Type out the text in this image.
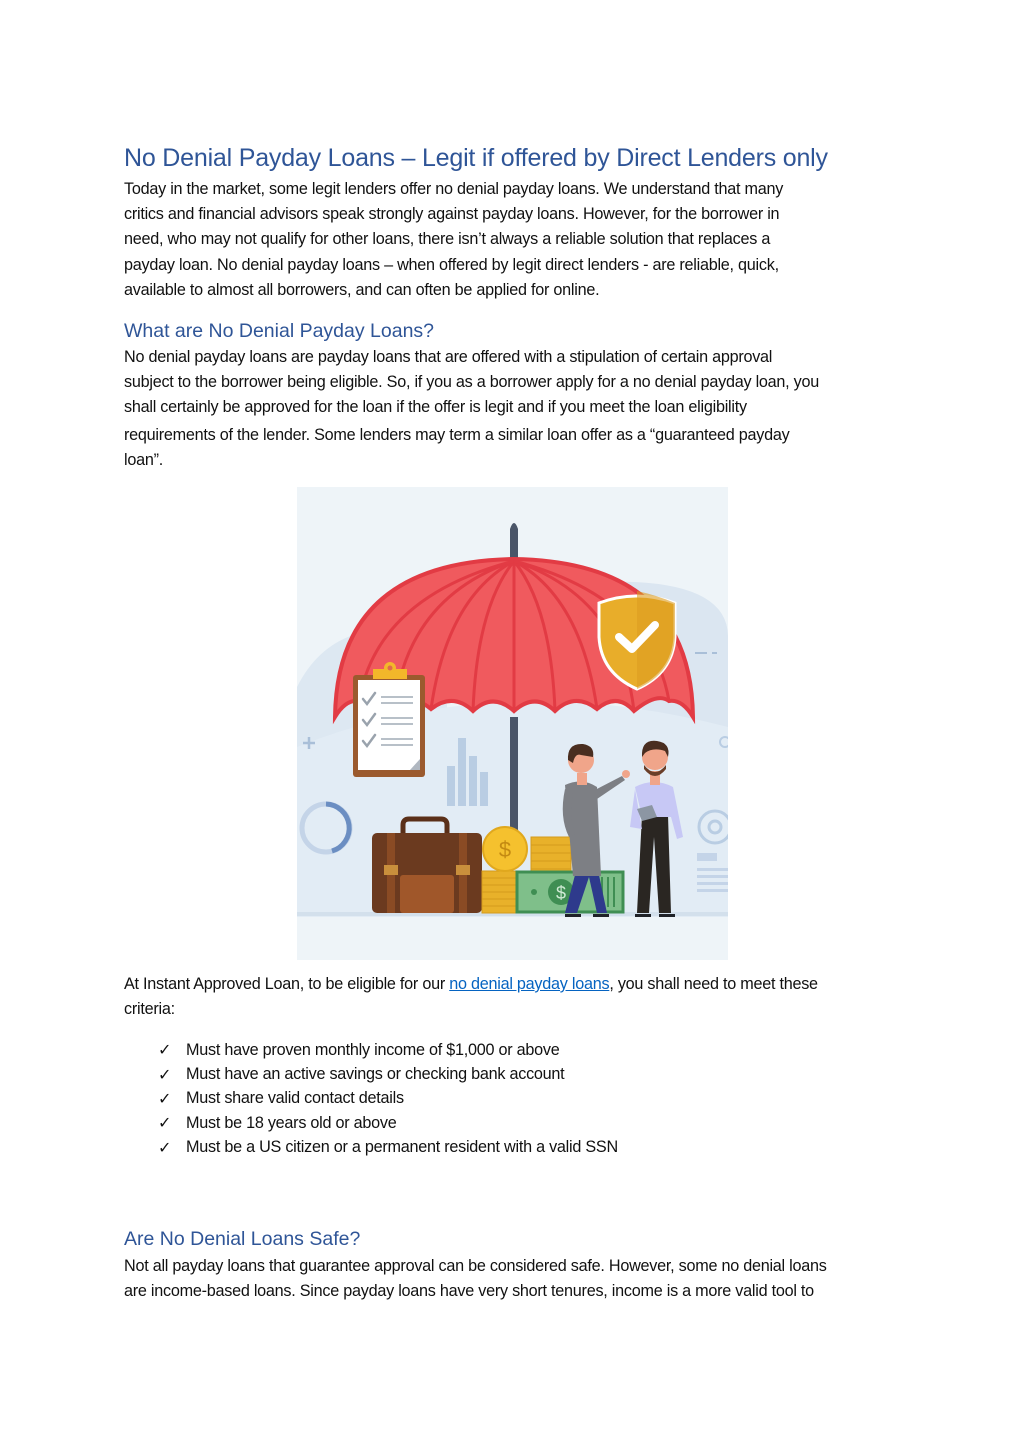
No Denial Payday Loans – Legit if offered by Direct Lenders only

Today in the market, some legit lenders offer no denial payday loans. We understand that many
critics and financial advisors speak strongly against payday loans. However, for the borrower in
need, who may not qualify for other loans, there isn’t always a reliable solution that replaces a
payday loan. No denial payday loans – when offered by legit direct lenders - are reliable, quick,
available to almost all borrowers, and can often be applied for online.

What are No Denial Payday Loans?

No denial payday loans are payday loans that are offered with a stipulation of certain approval
subject to the borrower being eligible. So, if you as a borrower apply for a no denial payday loan, you
shall certainly be approved for the loan if the offer is legit and if you meet the loan eligibility
requirements of the lender. Some lenders may term a similar loan offer as a “guaranteed payday
loan”.

$
$

At Instant Approved Loan, to be eligible for our no denial payday loans, you shall need to meet these
criteria:

✓ Must have proven monthly income of $1,000 or above
✓ Must have an active savings or checking bank account
✓ Must share valid contact details
✓ Must be 18 years old or above
✓ Must be a US citizen or a permanent resident with a valid SSN
Are No Denial Loans Safe?

Not all payday loans that guarantee approval can be considered safe. However, some no denial loans
are income-based loans. Since payday loans have very short tenures, income is a more valid tool to
